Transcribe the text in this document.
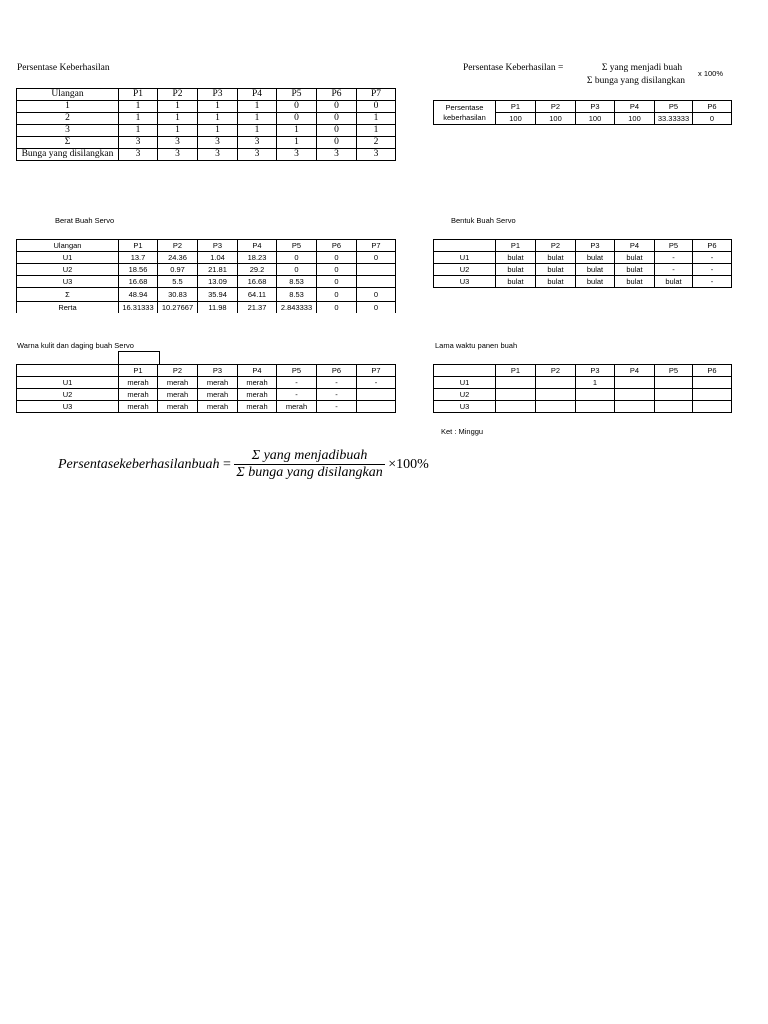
Persentase Keberhasilan
Ulangan	P1	P2	P3	P4	P5	P6	P7
1	1	1	1	1	0	0	0
2	1	1	1	1	0	0	1
3	1	1	1	1	1	0	1
Σ	3	3	3	3	1	0	2
Bunga yang disilangkan	3	3	3	3	3	3	3
Persentase Keberhasilan =	Σ yang menjadi buah
Σ bunga yang disilangkan
x 100%
Persentase
keberhasilan	P1	P2	P3	P4	P5	P6
	100	100	100	100	33.33333	0
Berat Buah Servo
Ulangan	P1	P2	P3	P4	P5	P6	P7
U1	13.7	24.36	1.04	18.23	0	0	0
U2	18.56	0.97	21.81	29.2	0	0	
U3	16.68	5.5	13.09	16.68	8.53	0	
Σ	48.94	30.83	35.94	64.11	8.53	0	0
Rerta	16.31333	10.27667	11.98	21.37	2.843333	0	0
Bentuk Buah Servo
	P1	P2	P3	P4	P5	P6
U1	bulat	bulat	bulat	bulat	-	-
U2	bulat	bulat	bulat	bulat	-	-
U3	bulat	bulat	bulat	bulat	bulat	-
Warna kulit dan daging buah Servo
	P1	P2	P3	P4	P5	P6	P7
U1	merah	merah	merah	merah	-	-	-
U2	merah	merah	merah	merah	-	-	
U3	merah	merah	merah	merah	merah	-	
Lama waktu panen buah
	P1	P2	P3	P4	P5	P6
U1			1			
U2						
U3						
Ket : Minggu
Persentasekeberhasilanbuah = $\frac{\text{Σ yang menjadibuah}}{\text{Σ bunga yang disilangkan}} \times 100\%$
